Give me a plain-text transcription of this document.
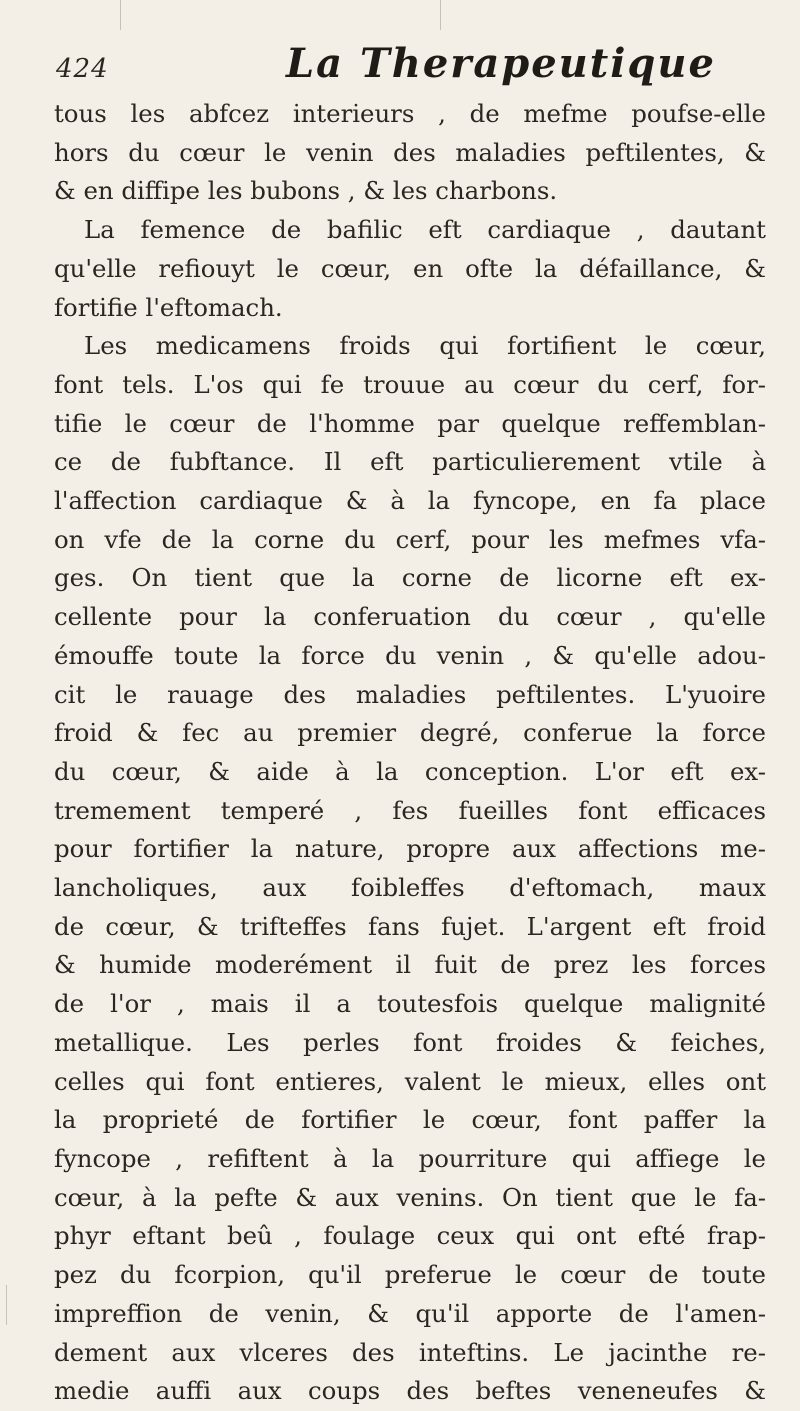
424	La Therapeutique
tous les abfcez interieurs , de mefme poufse-elle
hors du cœur le venin des maladies peftilentes, &
& en diffipe les bubons , & les charbons.
La femence de bafilic eft cardiaque , dautant
qu'elle refiouyt le cœur, en ofte la défaillance, &
fortifie l'eftomach.
Les medicamens froids qui fortifient le cœur,
font tels. L'os qui fe trouue au cœur du cerf, for-
tifie le cœur de l'homme par quelque reffemblan-
ce de fubftance. Il eft particulierement vtile à
l'affection cardiaque & à la fyncope, en fa place
on vfe de la corne du cerf, pour les mefmes vfa-
ges. On tient que la corne de licorne eft ex-
cellente pour la conferuation du cœur , qu'elle
émouffe toute la force du venin , & qu'elle adou-
cit le rauage des maladies peftilentes. L'yuoire
froid & fec au premier degré, conferue la force
du cœur, & aide à la conception. L'or eft ex-
tremement temperé , fes fueilles font efficaces
pour fortifier la nature, propre aux affections me-
lancholiques, aux foibleffes d'eftomach, maux
de cœur, & trifteffes fans fujet. L'argent eft froid
& humide moderément il fuit de prez les forces
de l'or , mais il a toutesfois quelque malignité
metallique. Les perles font froides & feiches,
celles qui font entieres, valent le mieux, elles ont
la proprieté de fortifier le cœur, font paffer la
fyncope , refiftent à la pourriture qui affiege le
cœur, à la pefte & aux venins. On tient que le fa-
phyr eftant beû , foulage ceux qui ont efté frap-
pez du fcorpion, qu'il preferue le cœur de toute
impreffion de venin, & qu'il apporte de l'amen-
dement aux vlceres des inteftins. Le jacinthe re-
medie auffi aux coups des beftes veneneufes &
